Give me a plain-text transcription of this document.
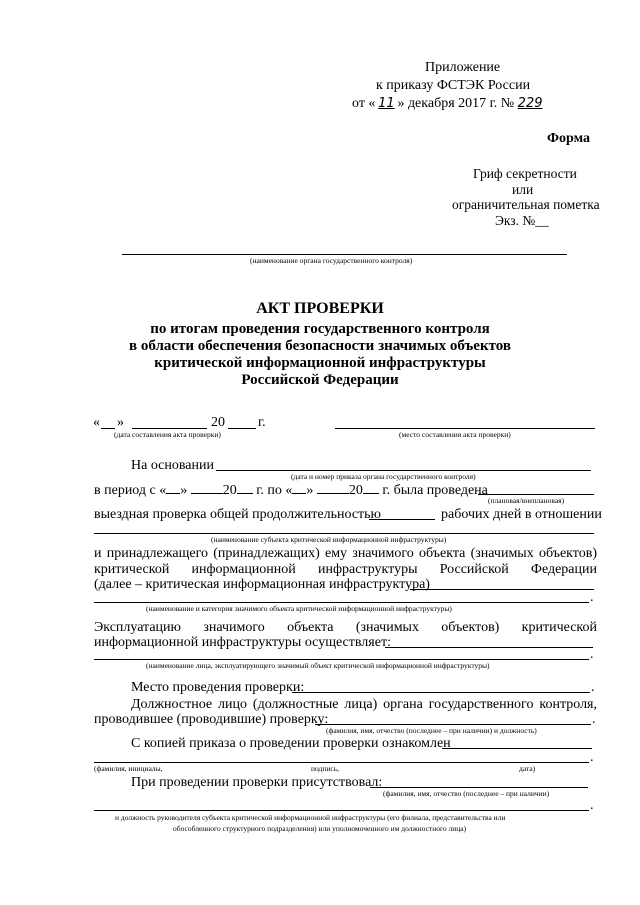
Приложение
к приказу ФСТЭК России
от « 11 » декабря 2017 г. № 229
Форма
Гриф секретности
или
ограничительная пометка
Экз. №__
(наименование органа государственного контроля)
АКТ ПРОВЕРКИ
по итогам проведения государственного контроля
в области обеспечения безопасности значимых объектов
критической информационной инфраструктуры
Российской Федерации
« »	20 г.
(дата составления акта проверки)	(место составления акта проверки)
На основании
(дата и номер приказа органа государственного контроля)
в период с « »	20 г. по « »	20 г. была проведена
(плановая/внеплановая)
выездная проверка общей продолжительностью	рабочих дней в отношении
(наименование субъекта критической информационной инфраструктуры)
и принадлежащего (принадлежащих) ему значимого объекта (значимых объектов)
критической информационной инфраструктуры Российской Федерации
(далее – критическая информационная инфраструктура)
.
(наименование и категория значимого объекта критической информационной инфраструктуры)
Эксплуатацию значимого объекта (значимых объектов) критической
информационной инфраструктуры осуществляет:
.
(наименование лица, эксплуатирующего значимый объект критической информационной инфраструктуры)
Место проведения проверки:	.
Должностное лицо (должностные лица) органа государственного контроля,
проводившее (проводившие) проверку:	.
(фамилия, имя, отчество (последнее – при наличии) и должность)
С копией приказа о проведении проверки ознакомлен
.
(фамилия, инициалы,	подпись,	дата)
При проведении проверки присутствовал:
(фамилия, имя, отчество (последнее – при наличии)
.
и должность руководителя субъекта критической информационной инфраструктуры (его филиала, представительства или
обособленного структурного подразделения) или уполномоченного им должностного лица)
